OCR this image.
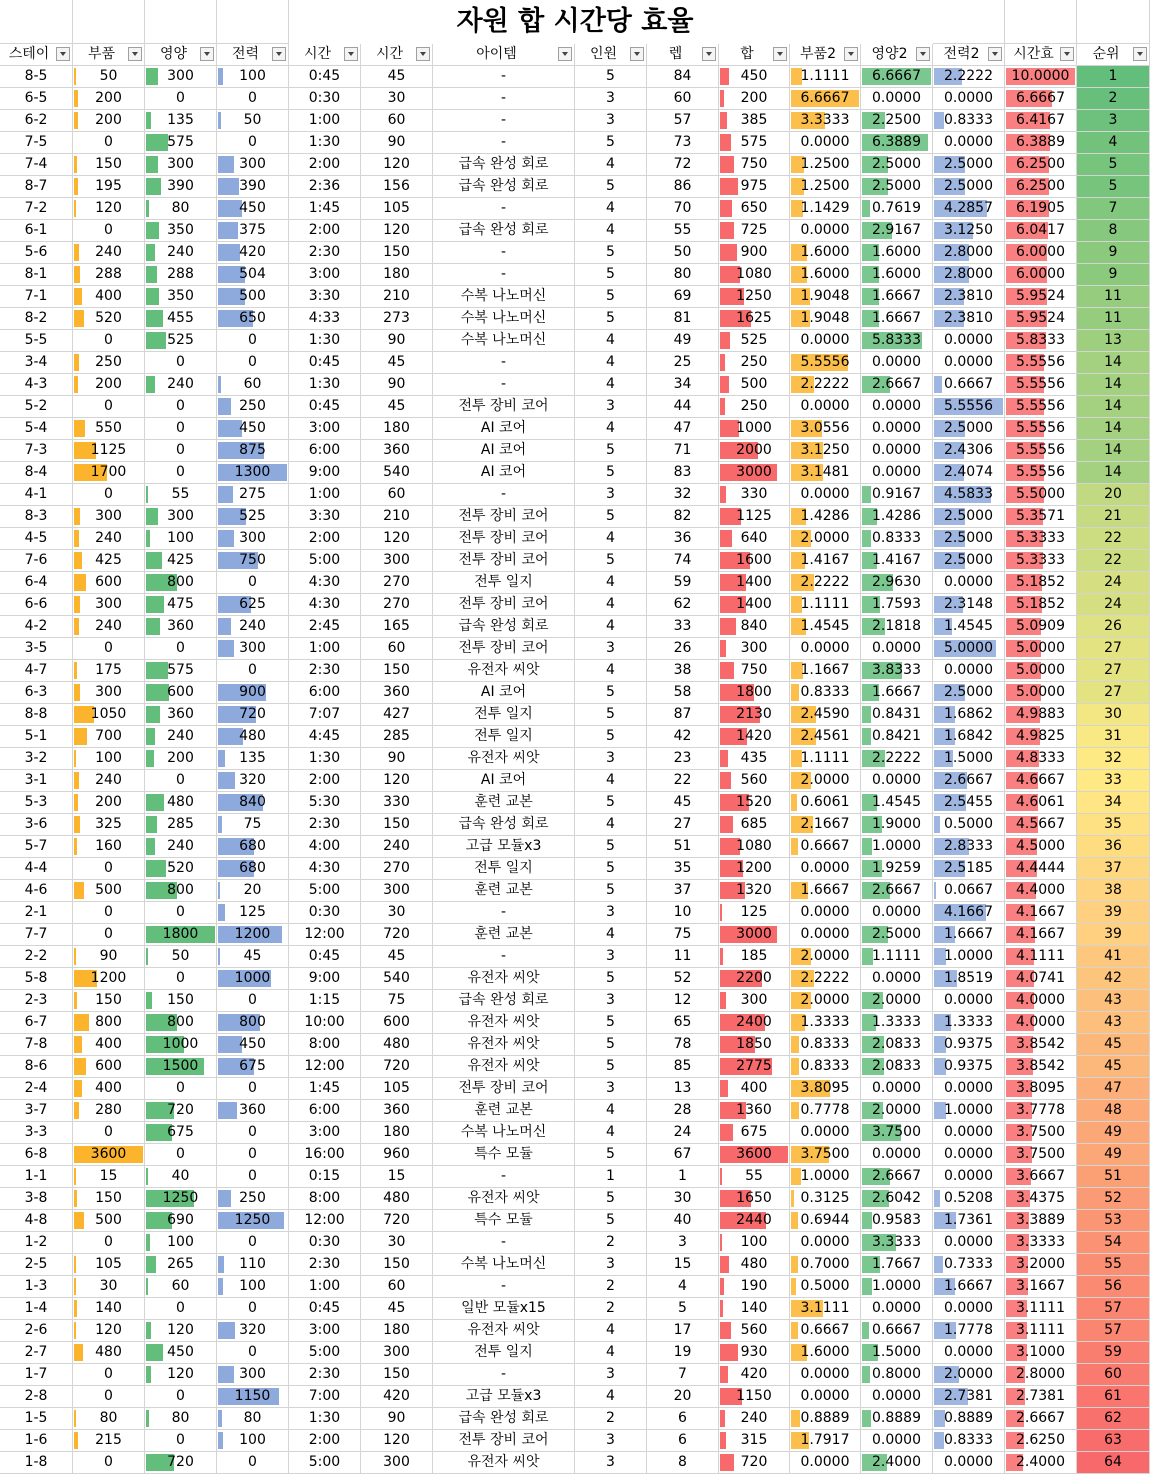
자원 합 시간당 효율
스테이	부품	영양	전력	시간	시간	아이템	인원	렙	합	부품2	영양2	전력2	시간효	순위
8-5	50	300	100	0:45	45	-	5	84	450	1.1111	6.6667	2.2222	10.0000	1
6-5	200	0	0	0:30	30	-	3	60	200	6.6667	0.0000	0.0000	6.6667	2
6-2	200	135	50	1:00	60	-	3	57	385	3.3333	2.2500	0.8333	6.4167	3
7-5	0	575	0	1:30	90	-	5	73	575	0.0000	6.3889	0.0000	6.3889	4
7-4	150	300	300	2:00	120	급속 완성 회로	4	72	750	1.2500	2.5000	2.5000	6.2500	5
8-7	195	390	390	2:36	156	급속 완성 회로	5	86	975	1.2500	2.5000	2.5000	6.2500	5
7-2	120	80	450	1:45	105	-	4	70	650	1.1429	0.7619	4.2857	6.1905	7
6-1	0	350	375	2:00	120	급속 완성 회로	4	55	725	0.0000	2.9167	3.1250	6.0417	8
5-6	240	240	420	2:30	150	-	5	50	900	1.6000	1.6000	2.8000	6.0000	9
8-1	288	288	504	3:00	180	-	5	80	1080	1.6000	1.6000	2.8000	6.0000	9
7-1	400	350	500	3:30	210	수복 나노머신	5	69	1250	1.9048	1.6667	2.3810	5.9524	11
8-2	520	455	650	4:33	273	수복 나노머신	5	81	1625	1.9048	1.6667	2.3810	5.9524	11
5-5	0	525	0	1:30	90	수복 나노머신	4	49	525	0.0000	5.8333	0.0000	5.8333	13
3-4	250	0	0	0:45	45	-	4	25	250	5.5556	0.0000	0.0000	5.5556	14
4-3	200	240	60	1:30	90	-	4	34	500	2.2222	2.6667	0.6667	5.5556	14
5-2	0	0	250	0:45	45	전투 장비 코어	3	44	250	0.0000	0.0000	5.5556	5.5556	14
5-4	550	0	450	3:00	180	AI 코어	4	47	1000	3.0556	0.0000	2.5000	5.5556	14
7-3	1125	0	875	6:00	360	AI 코어	5	71	2000	3.1250	0.0000	2.4306	5.5556	14
8-4	1700	0	1300	9:00	540	AI 코어	5	83	3000	3.1481	0.0000	2.4074	5.5556	14
4-1	0	55	275	1:00	60	-	3	32	330	0.0000	0.9167	4.5833	5.5000	20
8-3	300	300	525	3:30	210	전투 장비 코어	5	82	1125	1.4286	1.4286	2.5000	5.3571	21
4-5	240	100	300	2:00	120	전투 장비 코어	4	36	640	2.0000	0.8333	2.5000	5.3333	22
7-6	425	425	750	5:00	300	전투 장비 코어	5	74	1600	1.4167	1.4167	2.5000	5.3333	22
6-4	600	800	0	4:30	270	전투 일지	4	59	1400	2.2222	2.9630	0.0000	5.1852	24
6-6	300	475	625	4:30	270	전투 장비 코어	4	62	1400	1.1111	1.7593	2.3148	5.1852	24
4-2	240	360	240	2:45	165	급속 완성 회로	4	33	840	1.4545	2.1818	1.4545	5.0909	26
3-5	0	0	300	1:00	60	전투 장비 코어	3	26	300	0.0000	0.0000	5.0000	5.0000	27
4-7	175	575	0	2:30	150	유전자 씨앗	4	38	750	1.1667	3.8333	0.0000	5.0000	27
6-3	300	600	900	6:00	360	AI 코어	5	58	1800	0.8333	1.6667	2.5000	5.0000	27
8-8	1050	360	720	7:07	427	전투 일지	5	87	2130	2.4590	0.8431	1.6862	4.9883	30
5-1	700	240	480	4:45	285	전투 일지	5	42	1420	2.4561	0.8421	1.6842	4.9825	31
3-2	100	200	135	1:30	90	유전자 씨앗	3	23	435	1.1111	2.2222	1.5000	4.8333	32
3-1	240	0	320	2:00	120	AI 코어	4	22	560	2.0000	0.0000	2.6667	4.6667	33
5-3	200	480	840	5:30	330	훈련 교본	5	45	1520	0.6061	1.4545	2.5455	4.6061	34
3-6	325	285	75	2:30	150	급속 완성 회로	4	27	685	2.1667	1.9000	0.5000	4.5667	35
5-7	160	240	680	4:00	240	고급 모듈x3	5	51	1080	0.6667	1.0000	2.8333	4.5000	36
4-4	0	520	680	4:30	270	전투 일지	5	35	1200	0.0000	1.9259	2.5185	4.4444	37
4-6	500	800	20	5:00	300	훈련 교본	5	37	1320	1.6667	2.6667	0.0667	4.4000	38
2-1	0	0	125	0:30	30	-	3	10	125	0.0000	0.0000	4.1667	4.1667	39
7-7	0	1800	1200	12:00	720	훈련 교본	4	75	3000	0.0000	2.5000	1.6667	4.1667	39
2-2	90	50	45	0:45	45	-	3	11	185	2.0000	1.1111	1.0000	4.1111	41
5-8	1200	0	1000	9:00	540	유전자 씨앗	5	52	2200	2.2222	0.0000	1.8519	4.0741	42
2-3	150	150	0	1:15	75	급속 완성 회로	3	12	300	2.0000	2.0000	0.0000	4.0000	43
6-7	800	800	800	10:00	600	유전자 씨앗	5	65	2400	1.3333	1.3333	1.3333	4.0000	43
7-8	400	1000	450	8:00	480	유전자 씨앗	5	78	1850	0.8333	2.0833	0.9375	3.8542	45
8-6	600	1500	675	12:00	720	유전자 씨앗	5	85	2775	0.8333	2.0833	0.9375	3.8542	45
2-4	400	0	0	1:45	105	전투 장비 코어	3	13	400	3.8095	0.0000	0.0000	3.8095	47
3-7	280	720	360	6:00	360	훈련 교본	4	28	1360	0.7778	2.0000	1.0000	3.7778	48
3-3	0	675	0	3:00	180	수복 나노머신	4	24	675	0.0000	3.7500	0.0000	3.7500	49
6-8	3600	0	0	16:00	960	특수 모듈	5	67	3600	3.7500	0.0000	0.0000	3.7500	49
1-1	15	40	0	0:15	15	-	1	1	55	1.0000	2.6667	0.0000	3.6667	51
3-8	150	1250	250	8:00	480	유전자 씨앗	5	30	1650	0.3125	2.6042	0.5208	3.4375	52
4-8	500	690	1250	12:00	720	특수 모듈	5	40	2440	0.6944	0.9583	1.7361	3.3889	53
1-2	0	100	0	0:30	30	-	2	3	100	0.0000	3.3333	0.0000	3.3333	54
2-5	105	265	110	2:30	150	수복 나노머신	3	15	480	0.7000	1.7667	0.7333	3.2000	55
1-3	30	60	100	1:00	60	-	2	4	190	0.5000	1.0000	1.6667	3.1667	56
1-4	140	0	0	0:45	45	일반 모듈x15	2	5	140	3.1111	0.0000	0.0000	3.1111	57
2-6	120	120	320	3:00	180	유전자 씨앗	4	17	560	0.6667	0.6667	1.7778	3.1111	57
2-7	480	450	0	5:00	300	전투 일지	4	19	930	1.6000	1.5000	0.0000	3.1000	59
1-7	0	120	300	2:30	150	-	3	7	420	0.0000	0.8000	2.0000	2.8000	60
2-8	0	0	1150	7:00	420	고급 모듈x3	4	20	1150	0.0000	0.0000	2.7381	2.7381	61
1-5	80	80	80	1:30	90	급속 완성 회로	2	6	240	0.8889	0.8889	0.8889	2.6667	62
1-6	215	0	100	2:00	120	전투 장비 코어	3	6	315	1.7917	0.0000	0.8333	2.6250	63
1-8	0	720	0	5:00	300	유전자 씨앗	3	8	720	0.0000	2.4000	0.0000	2.4000	64
